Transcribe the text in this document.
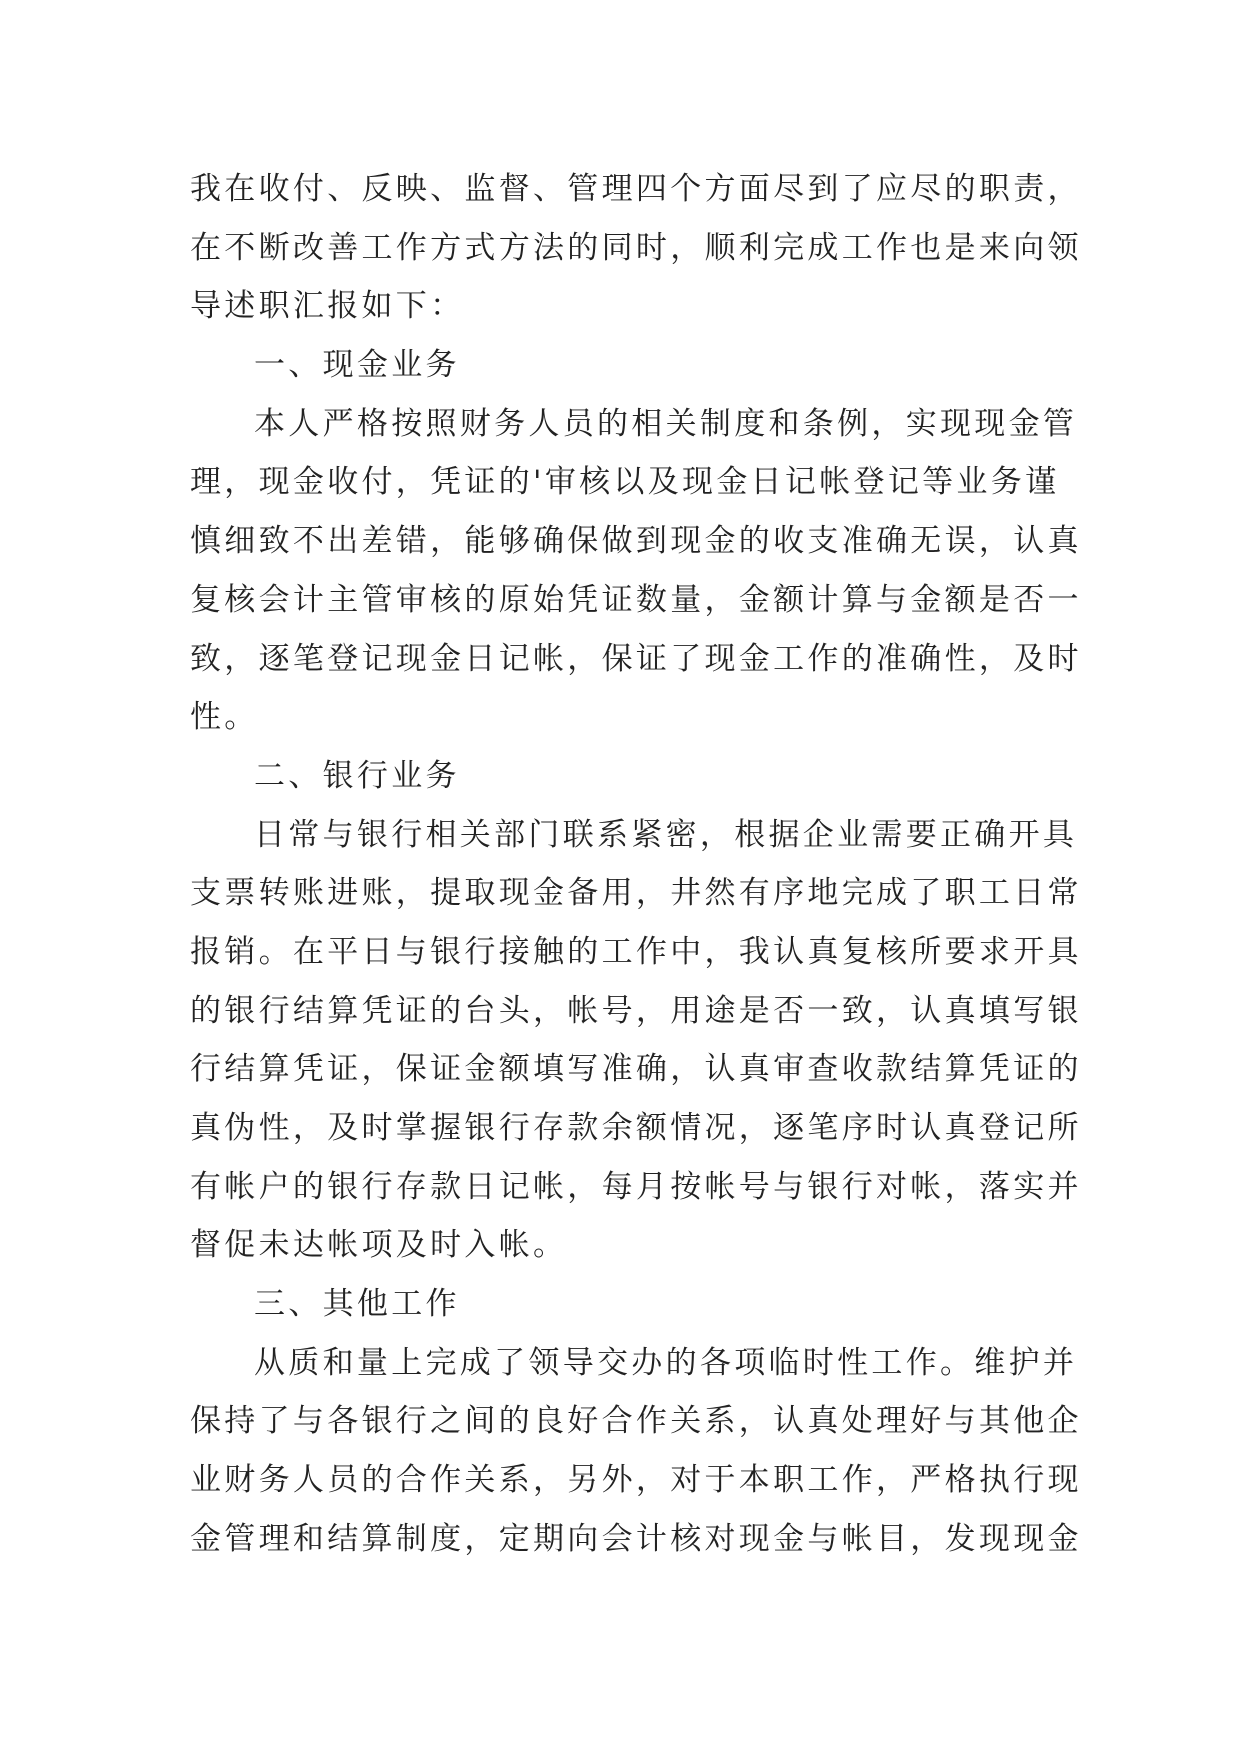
我在收付、反映、监督、管理四个方面尽到了应尽的职责，
在不断改善工作方式方法的同时，顺利完成工作也是来向领
导述职汇报如下：
一、现金业务
本人严格按照财务人员的相关制度和条例，实现现金管
理，现金收付，凭证的'审核以及现金日记帐登记等业务谨
慎细致不出差错，能够确保做到现金的收支准确无误，认真
复核会计主管审核的原始凭证数量，金额计算与金额是否一
致，逐笔登记现金日记帐，保证了现金工作的准确性，及时
性。
二、银行业务
日常与银行相关部门联系紧密，根据企业需要正确开具
支票转账进账，提取现金备用，井然有序地完成了职工日常
报销。在平日与银行接触的工作中，我认真复核所要求开具
的银行结算凭证的台头，帐号，用途是否一致，认真填写银
行结算凭证，保证金额填写准确，认真审查收款结算凭证的
真伪性，及时掌握银行存款余额情况，逐笔序时认真登记所
有帐户的银行存款日记帐，每月按帐号与银行对帐，落实并
督促未达帐项及时入帐。
三、其他工作
从质和量上完成了领导交办的各项临时性工作。维护并
保持了与各银行之间的良好合作关系，认真处理好与其他企
业财务人员的合作关系，另外，对于本职工作，严格执行现
金管理和结算制度，定期向会计核对现金与帐目，发现现金
